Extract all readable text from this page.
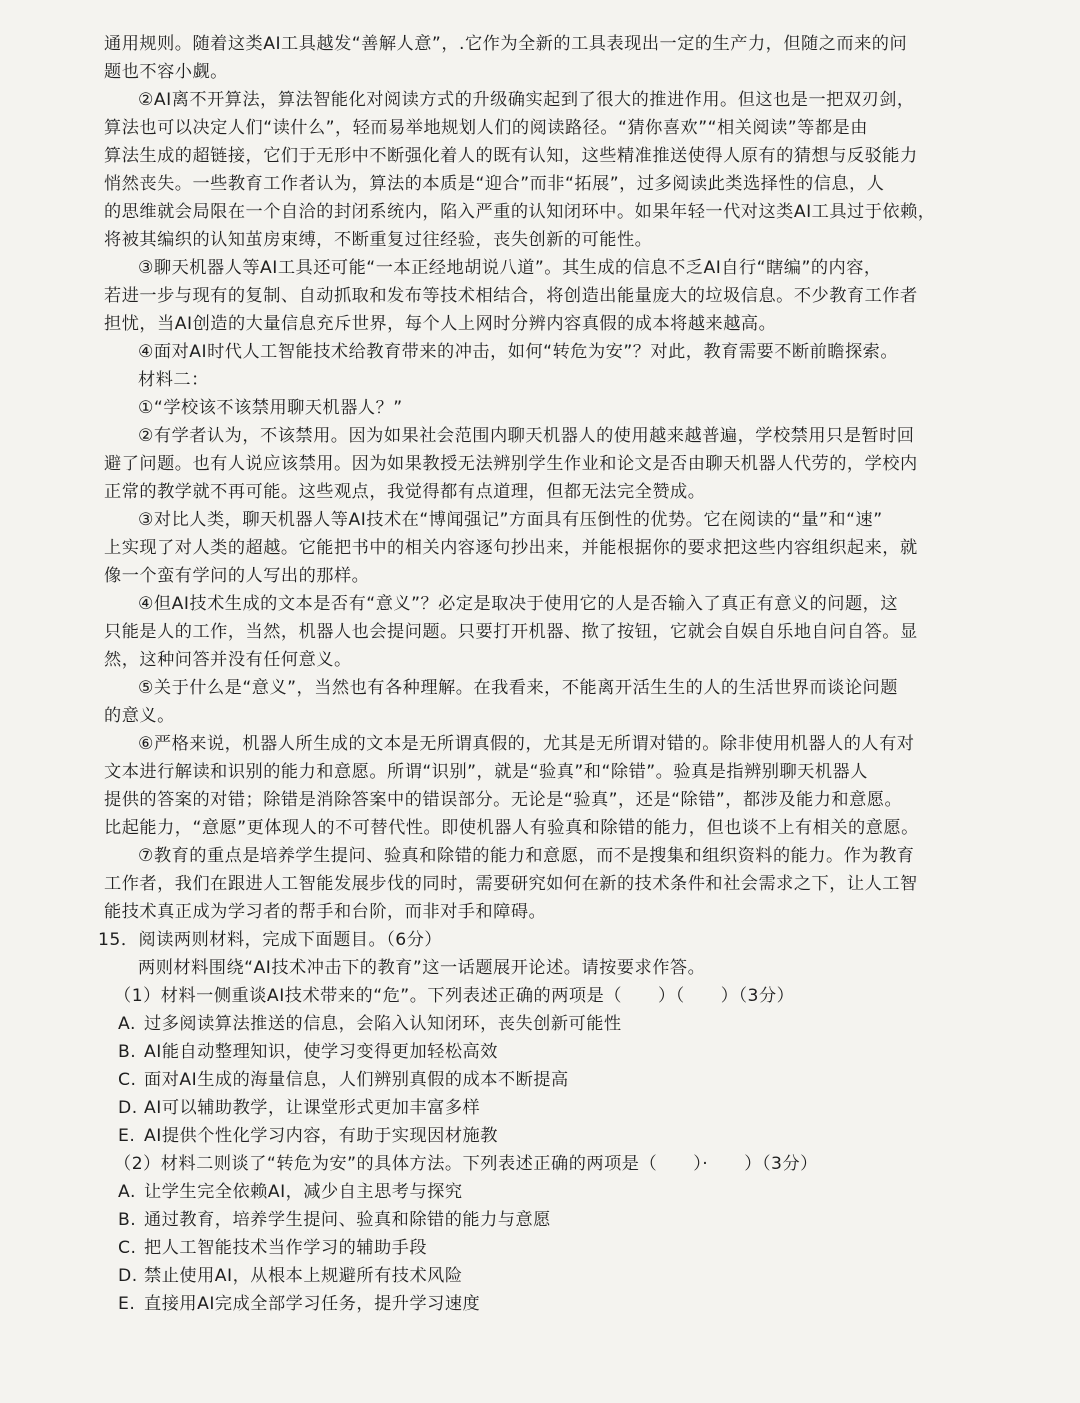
通用规则。随着这类AI工具越发“善解人意”，.它作为全新的工具表现出一定的生产力，但随之而来的问

题也不容小觑。

②AI离不开算法，算法智能化对阅读方式的升级确实起到了很大的推进作用。但这也是一把双刃剑，

算法也可以决定人们“读什么”，轻而易举地规划人们的阅读路径。“猜你喜欢”“相关阅读”等都是由

算法生成的超链接，它们于无形中不断强化着人的既有认知，这些精准推送使得人原有的猜想与反驳能力

悄然丧失。一些教育工作者认为，算法的本质是“迎合”而非“拓展”，过多阅读此类选择性的信息，人

的思维就会局限在一个自洽的封闭系统内，陷入严重的认知闭环中。如果年轻一代对这类AI工具过于依赖，

将被其编织的认知茧房束缚，不断重复过往经验，丧失创新的可能性。

③聊天机器人等AI工具还可能“一本正经地胡说八道”。其生成的信息不乏AI自行“瞎编”的内容，

若进一步与现有的复制、自动抓取和发布等技术相结合，将创造出能量庞大的垃圾信息。不少教育工作者

担忧，当AI创造的大量信息充斥世界，每个人上网时分辨内容真假的成本将越来越高。

④面对AI时代人工智能技术给教育带来的冲击，如何“转危为安”？对此，教育需要不断前瞻探索。

材料二：

①“学校该不该禁用聊天机器人？”

②有学者认为，不该禁用。因为如果社会范围内聊天机器人的使用越来越普遍，学校禁用只是暂时回

避了问题。也有人说应该禁用。因为如果教授无法辨别学生作业和论文是否由聊天机器人代劳的，学校内

正常的教学就不再可能。这些观点，我觉得都有点道理，但都无法完全赞成。

③对比人类，聊天机器人等AI技术在“博闻强记”方面具有压倒性的优势。它在阅读的“量”和“速”

上实现了对人类的超越。它能把书中的相关内容逐句抄出来，并能根据你的要求把这些内容组织起来，就

像一个蛮有学问的人写出的那样。

④但AI技术生成的文本是否有“意义”？必定是取决于使用它的人是否输入了真正有意义的问题，这

只能是人的工作，当然，机器人也会提问题。只要打开机器、揿了按钮，它就会自娱自乐地自问自答。显

然，这种问答并没有任何意义。

⑤关于什么是“意义”，当然也有各种理解。在我看来，不能离开活生生的人的生活世界而谈论问题

的意义。

⑥严格来说，机器人所生成的文本是无所谓真假的，尤其是无所谓对错的。除非使用机器人的人有对

文本进行解读和识别的能力和意愿。所谓“识别”，就是“验真”和“除错”。验真是指辨别聊天机器人

提供的答案的对错；除错是消除答案中的错误部分。无论是“验真”，还是“除错”，都涉及能力和意愿。

比起能力，“意愿”更体现人的不可替代性。即使机器人有验真和除错的能力，但也谈不上有相关的意愿。

⑦教育的重点是培养学生提问、验真和除错的能力和意愿，而不是搜集和组织资料的能力。作为教育

工作者，我们在跟进人工智能发展步伐的同时，需要研究如何在新的技术条件和社会需求之下，让人工智

能技术真正成为学习者的帮手和台阶，而非对手和障碍。

15．阅读两则材料，完成下面题目。（6分）

两则材料围绕“AI技术冲击下的教育”这一话题展开论述。请按要求作答。

（1）材料一侧重谈AI技术带来的“危”。下列表述正确的两项是（ ）（ ）（3分）

A. 过多阅读算法推送的信息，会陷入认知闭环，丧失创新可能性

B. AI能自动整理知识，使学习变得更加轻松高效

C. 面对AI生成的海量信息，人们辨别真假的成本不断提高

D. AI可以辅助教学，让课堂形式更加丰富多样

E. AI提供个性化学习内容，有助于实现因材施教

（2）材料二则谈了“转危为安”的具体方法。下列表述正确的两项是（ ）· ）（3分）

A. 让学生完全依赖AI，减少自主思考与探究

B. 通过教育，培养学生提问、验真和除错的能力与意愿

C. 把人工智能技术当作学习的辅助手段

D. 禁止使用AI，从根本上规避所有技术风险

E. 直接用AI完成全部学习任务，提升学习速度
